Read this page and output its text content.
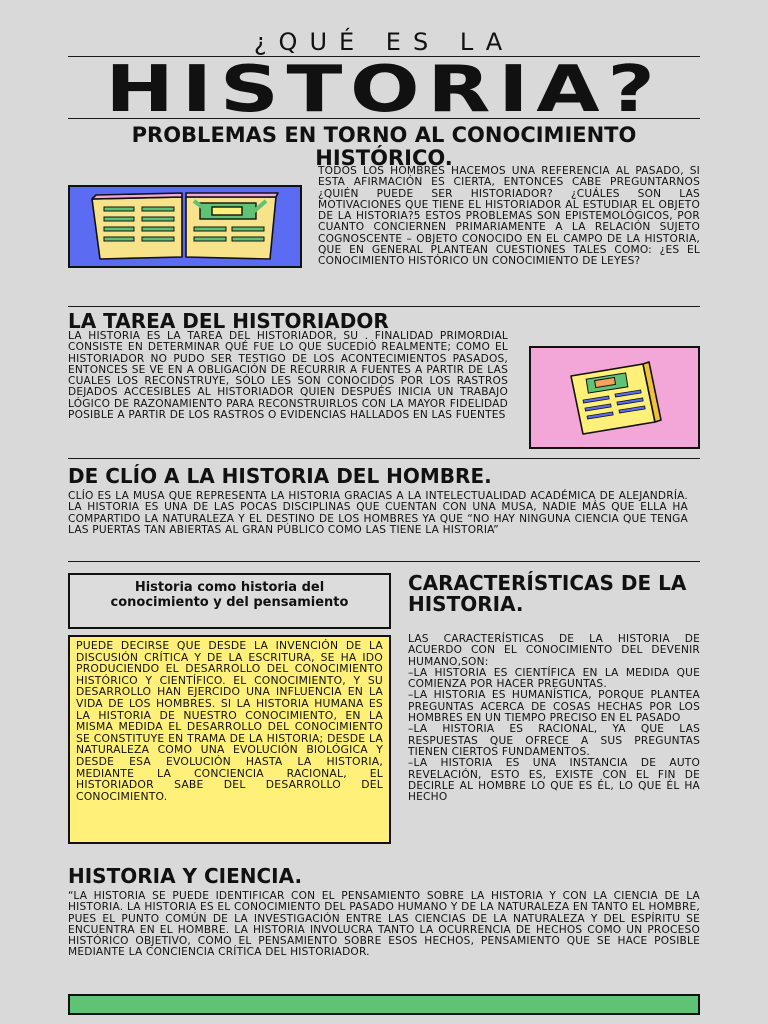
¿QUÉ ES LA
HISTORIA?
PROBLEMAS EN TORNO AL CONOCIMIENTO HISTÓRICO.
TODOS LOS HOMBRES HACEMOS UNA REFERENCIA AL PASADO, SI ESTA AFIRMACIÓN ES CIERTA, ENTONCES CABE PREGUNTARNOS ¿QUIÉN PUEDE SER HISTORIADOR? ¿CUÁLES SON LAS MOTIVACIONES QUE TIENE EL HISTORIADOR AL ESTUDIAR EL OBJETO DE LA HISTORIA?5 ESTOS PROBLEMAS SON EPISTEMOLÓGICOS, POR CUANTO CONCIERNEN PRIMARIAMENTE A LA RELACIÓN SUJETO COGNOSCENTE – OBJETO CONOCIDO EN EL CAMPO DE LA HISTORIA, QUE EN GENERAL PLANTEAN CUESTIONES TALES COMO: ¿ES EL CONOCIMIENTO HISTÓRICO UN CONOCIMIENTO DE LEYES?
LA TAREA DEL HISTORIADOR
LA HISTORIA ES LA TAREA DEL HISTORIADOR, SU . FINALIDAD PRIMORDIAL CONSISTE EN DETERMINAR QUÉ FUE LO QUE SUCEDIÓ REALMENTE; COMO EL HISTORIADOR NO PUDO SER TESTIGO DE LOS ACONTECIMIENTOS PASADOS, ENTONCES SE VE EN A OBLIGACIÓN DE RECURRIR A FUENTES A PARTIR DE LAS CUALES LOS RECONSTRUYE, SÓLO LES SON CONOCIDOS POR LOS RASTROS DEJADOS ACCESIBLES AL HISTORIADOR QUIEN DESPUÉS INICIA UN TRABAJO LÓGICO DE RAZONAMIENTO PARA RECONSTRUIRLOS CON LA MAYOR FIDELIDAD POSIBLE A PARTIR DE LOS RASTROS O EVIDENCIAS HALLADOS EN LAS FUENTES
DE CLÍO A LA HISTORIA DEL HOMBRE.
CLÍO ES LA MUSA QUE REPRESENTA LA HISTORIA GRACIAS A LA INTELECTUALIDAD ACADÉMICA DE ALEJANDRÍA. LA HISTORIA ES UNA DE LAS POCAS DISCIPLINAS QUE CUENTAN CON UNA MUSA, NADIE MÁS QUE ELLA HA COMPARTIDO LA NATURALEZA Y EL DESTINO DE LOS HOMBRES YA QUE “NO HAY NINGUNA CIENCIA QUE TENGA LAS PUERTAS TAN ABIERTAS AL GRAN PÚBLICO COMO LAS TIENE LA HISTORIA”
Historia como historia del conocimiento y del pensamiento
PUEDE DECIRSE QUE DESDE LA INVENCIÓN DE LA DISCUSIÓN CRÍTICA Y DE LA ESCRITURA, SE HA IDO PRODUCIENDO EL DESARROLLO DEL CONOCIMIENTO HISTÓRICO Y CIENTÍFICO. EL CONOCIMIENTO, Y SU DESARROLLO HAN EJERCIDO UNA INFLUENCIA EN LA VIDA DE LOS HOMBRES. SI LA HISTORIA HUMANA ES LA HISTORIA DE NUESTRO CONOCIMIENTO, EN LA MISMA MEDIDA EL DESARROLLO DEL CONOCIMIENTO SE CONSTITUYE EN TRAMA DE LA HISTORIA; DESDE LA NATURALEZA COMO UNA EVOLUCIÓN BIOLÓGICA Y DESDE ESA EVOLUCIÓN HASTA LA HISTORIA, MEDIANTE LA CONCIENCIA RACIONAL, EL HISTORIADOR SABE DEL DESARROLLO DEL CONOCIMIENTO.
CARACTERÍSTICAS DE LA HISTORIA.
LAS CARACTERÍSTICAS DE LA HISTORIA DE ACUERDO CON EL CONOCIMIENTO DEL DEVENIR HUMANO,SON:
–LA HISTORIA ES CIENTÍFICA EN LA MEDIDA QUE COMIENZA POR HACER PREGUNTAS.
–LA HISTORIA ES HUMANÍSTICA, PORQUE PLANTEA PREGUNTAS ACERCA DE COSAS HECHAS POR LOS HOMBRES EN UN TIEMPO PRECISO EN EL PASADO
–LA HISTORIA ES RACIONAL, YA QUE LAS RESPUESTAS QUE OFRECE A SUS PREGUNTAS TIENEN CIERTOS FUNDAMENTOS.
–LA HISTORIA ES UNA INSTANCIA DE AUTO REVELACIÓN, ESTO ES, EXISTE CON EL FIN DE DECIRLE AL HOMBRE LO QUE ES ÉL, LO QUE ÉL HA HECHO
HISTORIA Y CIENCIA.
“LA HISTORIA SE PUEDE IDENTIFICAR CON EL PENSAMIENTO SOBRE LA HISTORIA Y CON LA CIENCIA DE LA HISTORIA. LA HISTORIA ES EL CONOCIMIENTO DEL PASADO HUMANO Y DE LA NATURALEZA EN TANTO EL HOMBRE, PUES EL PUNTO COMÚN DE LA INVESTIGACIÓN ENTRE LAS CIENCIAS DE LA NATURALEZA Y DEL ESPÍRITU SE ENCUENTRA EN EL HOMBRE. LA HISTORIA INVOLUCRA TANTO LA OCURRENCIA DE HECHOS COMO UN PROCESO HISTÓRICO OBJETIVO, COMO EL PENSAMIENTO SOBRE ESOS HECHOS, PENSAMIENTO QUE SE HACE POSIBLE MEDIANTE LA CONCIENCIA CRÍTICA DEL HISTORIADOR.
